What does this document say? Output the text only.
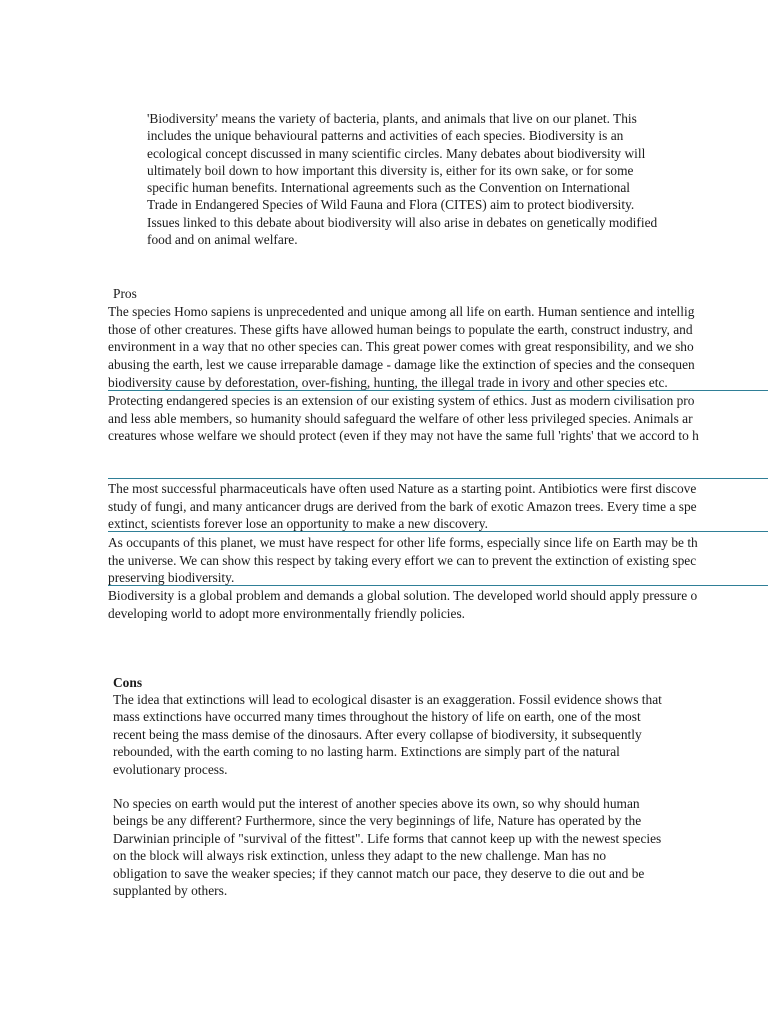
'Biodiversity' means the variety of bacteria, plants, and animals that live on our planet. This includes the unique behavioural patterns and activities of each species. Biodiversity is an ecological concept discussed in many scientific circles. Many debates about biodiversity will ultimately boil down to how important this diversity is, either for its own sake, or for some specific human benefits. International agreements such as the Convention on International Trade in Endangered Species of Wild Fauna and Flora (CITES) aim to protect biodiversity. Issues linked to this debate about biodiversity will also arise in debates on genetically modified food and on animal welfare.

Pros
The species Homo sapiens is unprecedented and unique among all life on earth. Human sentience and intellig
those of other creatures. These gifts have allowed human beings to populate the earth, construct industry, and
environment in a way that no other species can. This great power comes with great responsibility, and we sho
abusing the earth, lest we cause irreparable damage - damage like the extinction of species and the consequen
biodiversity cause by deforestation, over-fishing, hunting, the illegal trade in ivory and other species etc.
Protecting endangered species is an extension of our existing system of ethics. Just as modern civilisation pro
and less able members, so humanity should safeguard the welfare of other less privileged species. Animals ar
creatures whose welfare we should protect (even if they may not have the same full 'rights' that we accord to h
The most successful pharmaceuticals have often used Nature as a starting point. Antibiotics were first discove
study of fungi, and many anticancer drugs are derived from the bark of exotic Amazon trees. Every time a spe
extinct, scientists forever lose an opportunity to make a new discovery.
As occupants of this planet, we must have respect for other life forms, especially since life on Earth may be th
the universe. We can show this respect by taking every effort we can to prevent the extinction of existing spec
preserving biodiversity.
Biodiversity is a global problem and demands a global solution. The developed world should apply pressure o
developing world to adopt more environmentally friendly policies.
Cons

The idea that extinctions will lead to ecological disaster is an exaggeration. Fossil evidence shows that mass extinctions have occurred many times throughout the history of life on earth, one of the most recent being the mass demise of the dinosaurs. After every collapse of biodiversity, it subsequently rebounded, with the earth coming to no lasting harm. Extinctions are simply part of the natural evolutionary process.

No species on earth would put the interest of another species above its own, so why should human beings be any different? Furthermore, since the very beginnings of life, Nature has operated by the Darwinian principle of "survival of the fittest". Life forms that cannot keep up with the newest species on the block will always risk extinction, unless they adapt to the new challenge. Man has no obligation to save the weaker species; if they cannot match our pace, they deserve to die out and be supplanted by others.
